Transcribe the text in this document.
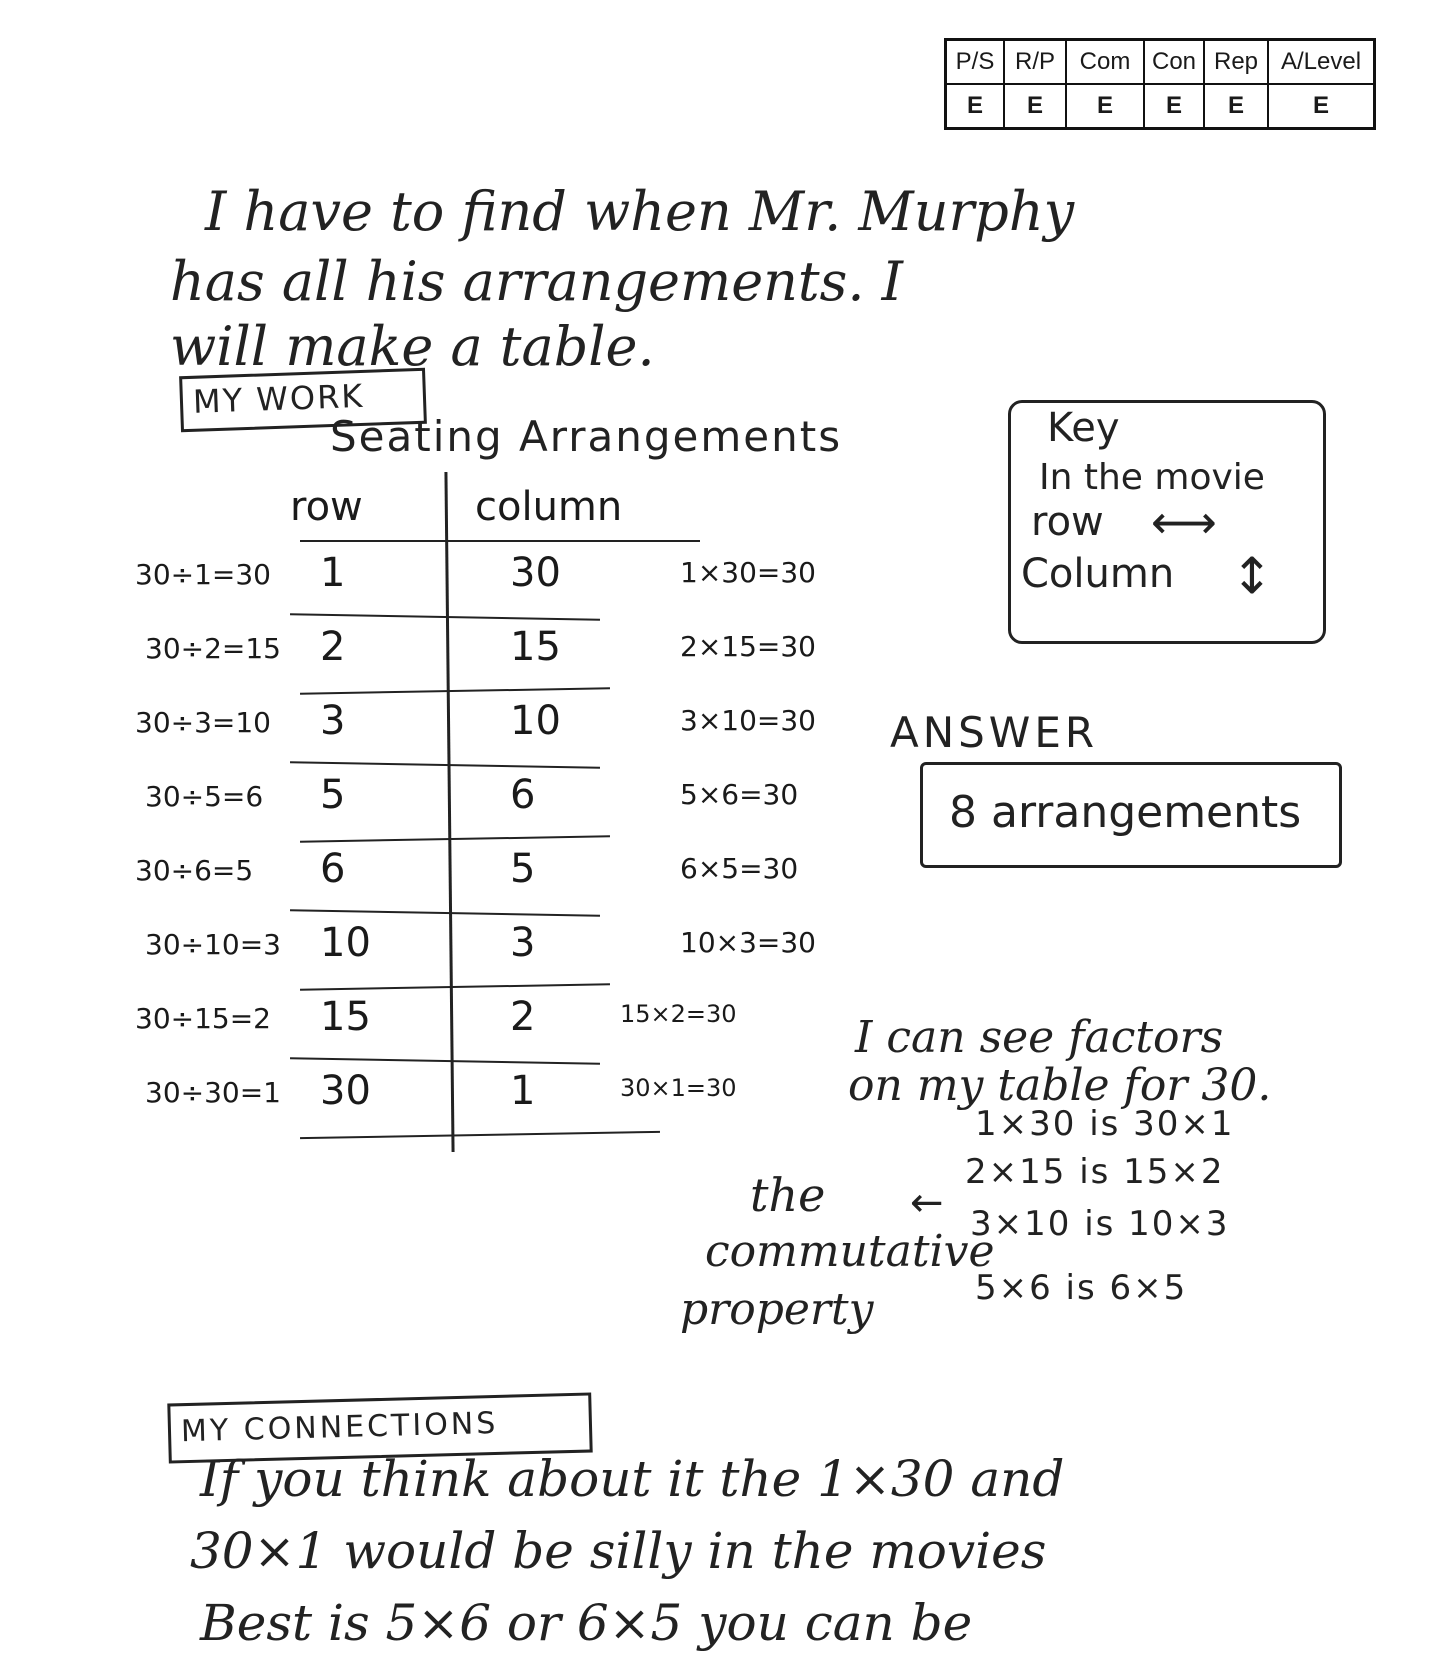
P/S	R/P	Com	Con	Rep	A/Level
E	E	E	E	E	E
I have to find when Mr. Murphy
has all his arrangements. I
will make a table.
MY WORK
Seating Arrangements
row	column
30÷1=30 1	30	1×30=30
30÷2=15 2	15	2×15=30
30÷3=10 3	10	3×10=30
30÷5=6 5	6	5×6=30
30÷6=5 6	5	6×5=30
30÷10=3 10	3	10×3=30
30÷15=2 15	2	15×2=30
30÷30=1 30	1	30×1=30
Key
In the movie
row ⟷
Column ↕
ANSWER
8 arrangements
I can see factors
on my table for 30.
1×30 is 30×1
2×15 is 15×2
3×10 is 10×3
5×6 is 6×5
←
the
commutative
property
MY CONNECTIONS
If you think about it the 1×30 and
30×1 would be silly in the movies
Best is 5×6 or 6×5 you can be
